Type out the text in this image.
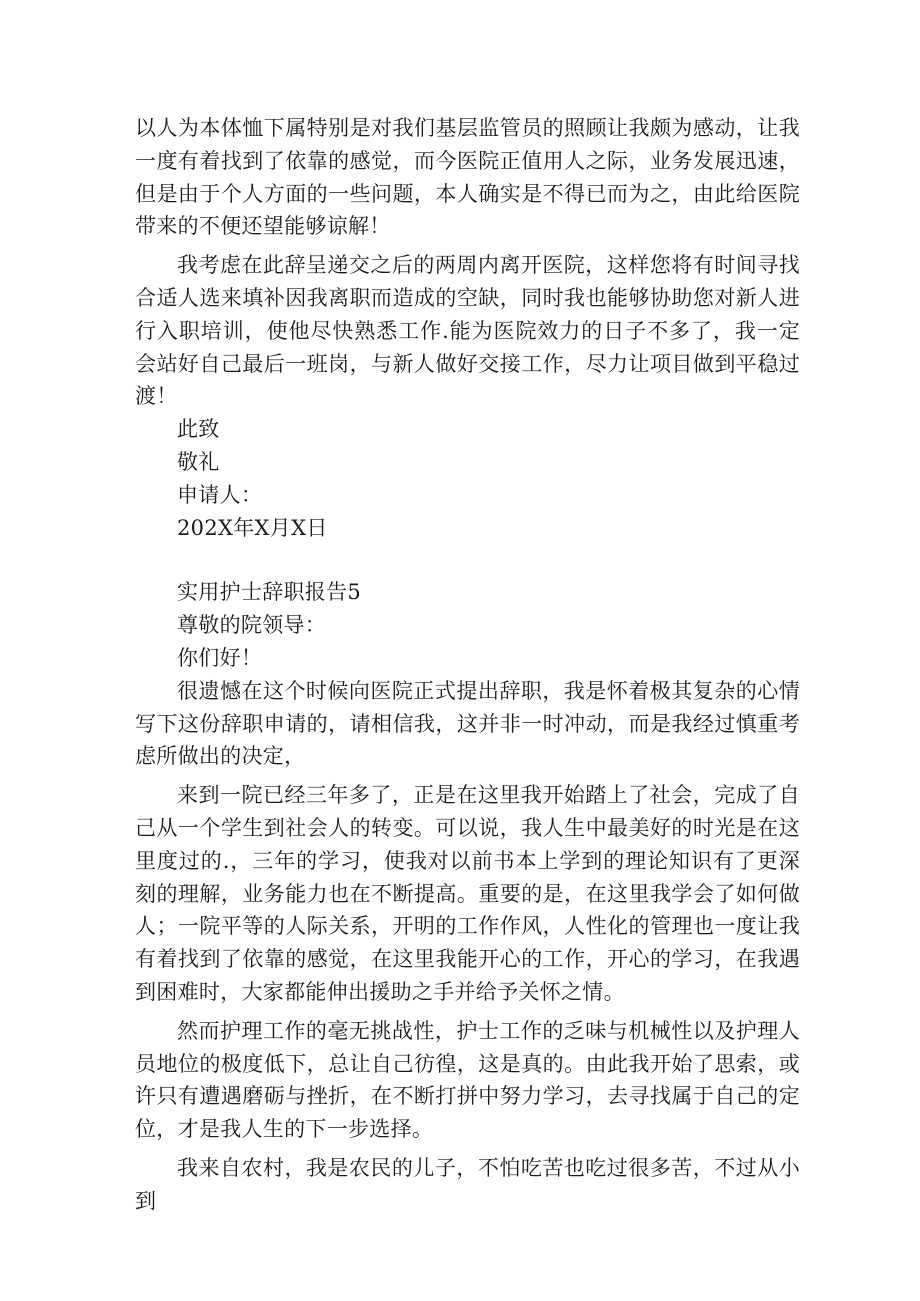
以人为本体恤下属特别是对我们基层监管员的照顾让我颇为感动，让我一度有着找到了依靠的感觉，而今医院正值用人之际，业务发展迅速，但是由于个人方面的一些问题，本人确实是不得已而为之，由此给医院带来的不便还望能够谅解！

我考虑在此辞呈递交之后的两周内离开医院，这样您将有时间寻找合适人选来填补因我离职而造成的空缺，同时我也能够协助您对新人进行入职培训，使他尽快熟悉工作.能为医院效力的日子不多了，我一定会站好自己最后一班岗，与新人做好交接工作，尽力让项目做到平稳过渡！

此致

敬礼

申请人：

202X年X月X日

实用护士辞职报告5

尊敬的院领导：

你们好！

很遗憾在这个时候向医院正式提出辞职，我是怀着极其复杂的心情写下这份辞职申请的，请相信我，这并非一时冲动，而是我经过慎重考虑所做出的决定，

来到一院已经三年多了，正是在这里我开始踏上了社会，完成了自己从一个学生到社会人的转变。可以说，我人生中最美好的时光是在这里度过的.，三年的学习，使我对以前书本上学到的理论知识有了更深刻的理解，业务能力也在不断提高。重要的是，在这里我学会了如何做人；一院平等的人际关系，开明的工作作风，人性化的管理也一度让我有着找到了依靠的感觉，在这里我能开心的工作，开心的学习，在我遇到困难时，大家都能伸出援助之手并给予关怀之情。

然而护理工作的毫无挑战性，护士工作的乏味与机械性以及护理人员地位的极度低下，总让自己彷徨，这是真的。由此我开始了思索，或许只有遭遇磨砺与挫折，在不断打拼中努力学习，去寻找属于自己的定位，才是我人生的下一步选择。

我来自农村，我是农民的儿子，不怕吃苦也吃过很多苦，不过从小到
